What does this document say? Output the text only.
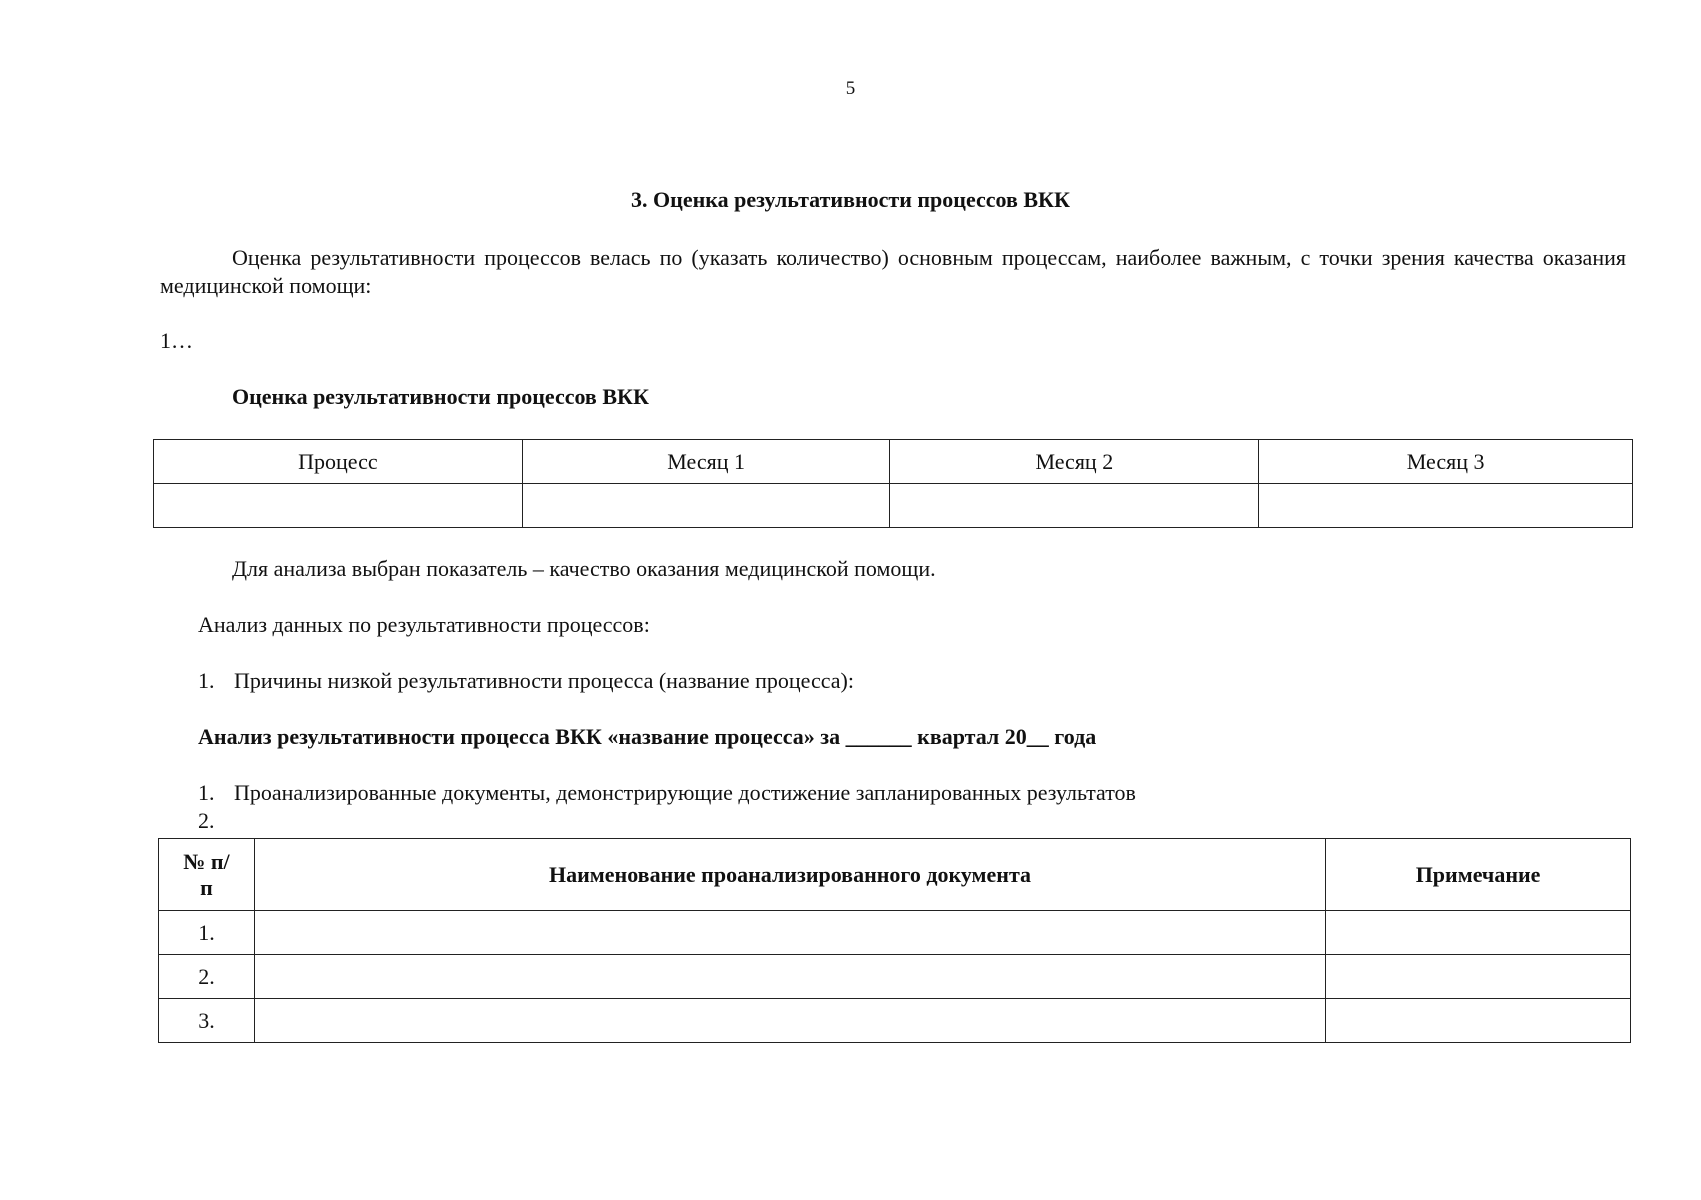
5
3. Оценка результативности процессов ВКК
Оценка результативности процессов велась по (указать количество) основным процессам, наиболее важным, с точки зрения качества оказания медицинской помощи:
1…
Оценка результативности процессов ВКК
Процесс	Месяц 1	Месяц 2	Месяц 3

Для анализа выбран показатель – качество оказания медицинской помощи.
Анализ данных по результативности процессов:
1. Причины низкой результативности процесса (название процесса):
Анализ результативности процесса ВКК «название процесса» за ______ квартал 20__ года
1. Проанализированные документы, демонстрирующие достижение запланированных результатов
2.
№ п/п	Наименование проанализированного документа	Примечание
1.		
2.		
3.		
